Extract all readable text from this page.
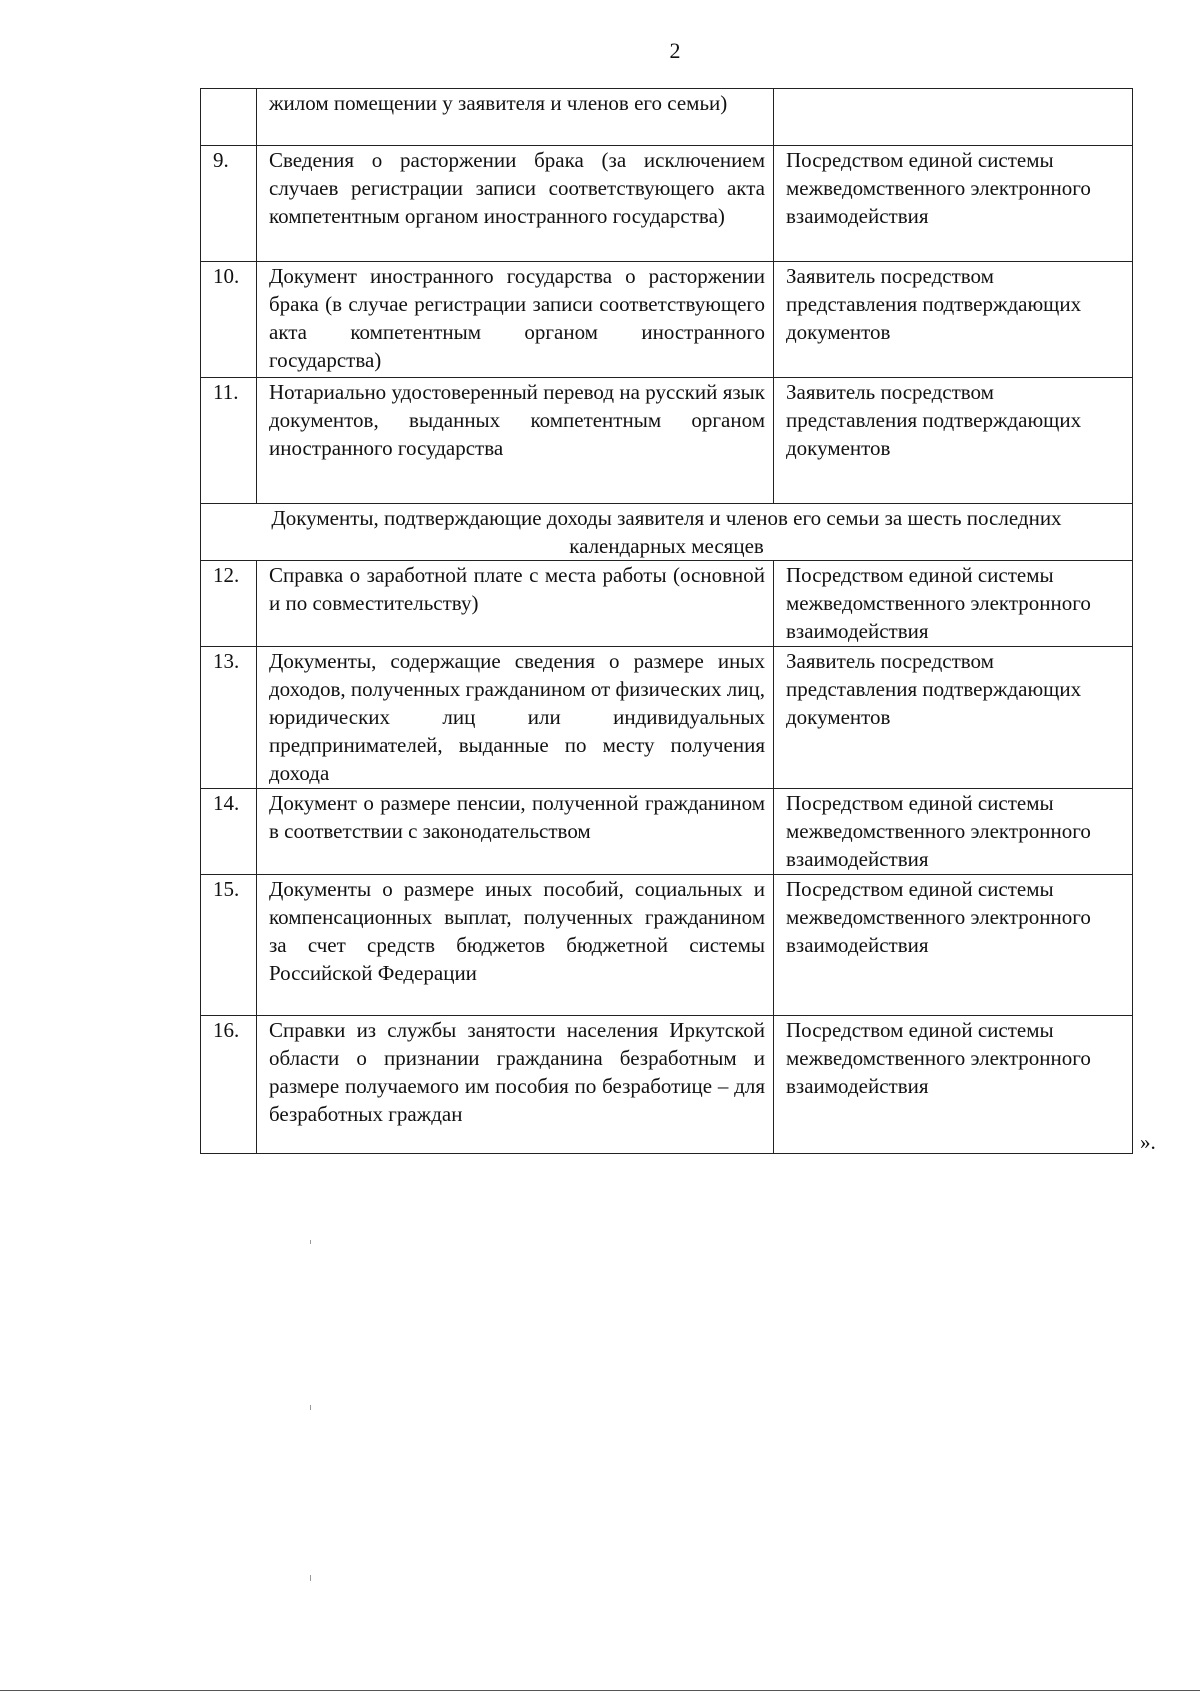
2
	жилом помещении у заявителя и членов его семьи)	
9.	Сведения о расторжении брака (за исключением случаев регистрации записи соответствующего акта компетентным органом иностранного государства)	Посредством единой системы межведомственного электронного взаимодействия
10.	Документ иностранного государства о расторжении брака (в случае регистрации записи соответствующего акта компетентным органом иностранного государства)	Заявитель посредством представления подтверждающих документов
11.	Нотариально удостоверенный перевод на русский язык документов, выданных компетентным органом иностранного государства	Заявитель посредством представления подтверждающих документов
Документы, подтверждающие доходы заявителя и членов его семьи за шесть последних календарных месяцев		
12.	Справка о заработной плате с места работы (основной и по совместительству)	Посредством единой системы межведомственного электронного взаимодействия
13.	Документы, содержащие сведения о размере иных доходов, полученных гражданином от физических лиц, юридических лиц или индивидуальных предпринимателей, выданные по месту получения дохода	Заявитель посредством представления подтверждающих документов
14.	Документ о размере пенсии, полученной гражданином в соответствии с законодательством	Посредством единой системы межведомственного электронного взаимодействия
15.	Документы о размере иных пособий, социальных и компенсационных выплат, полученных гражданином за счет средств бюджетов бюджетной системы Российской Федерации	Посредством единой системы межведомственного электронного взаимодействия
16.	Справки из службы занятости населения Иркутской области о признании гражданина безработным и размере получаемого им пособия по безработице – для безработных граждан	Посредством единой системы межведомственного электронного взаимодействия
».
